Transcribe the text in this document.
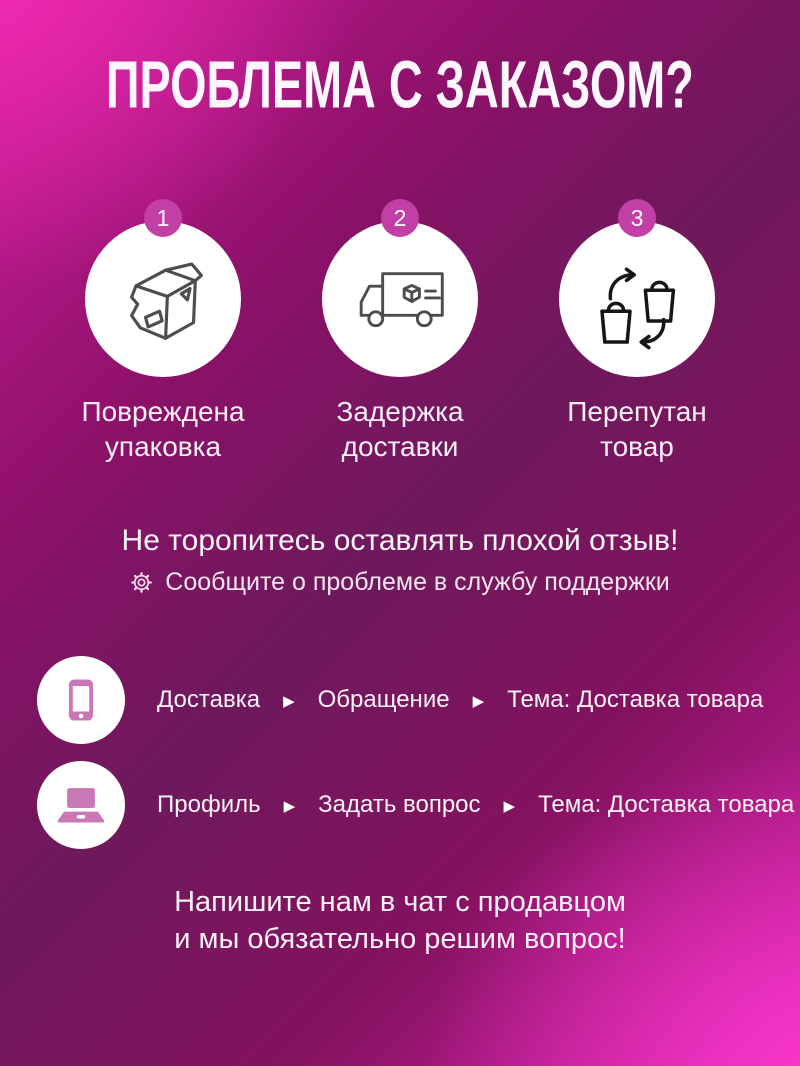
ПРОБЛЕМА С ЗАКАЗОМ?
1
Повреждена
упаковка
2
Задержка
доставки
3
Перепутан
товар
Не торопитесь оставлять плохой отзыв!
Сообщите о проблеме в службу поддержки
Доставка ▶ Обращение ▶ Тема: Доставка товара
Профиль ▶ Задать вопрос ▶ Тема: Доставка товара
Напишите нам в чат с продавцом
и мы обязательно решим вопрос!
